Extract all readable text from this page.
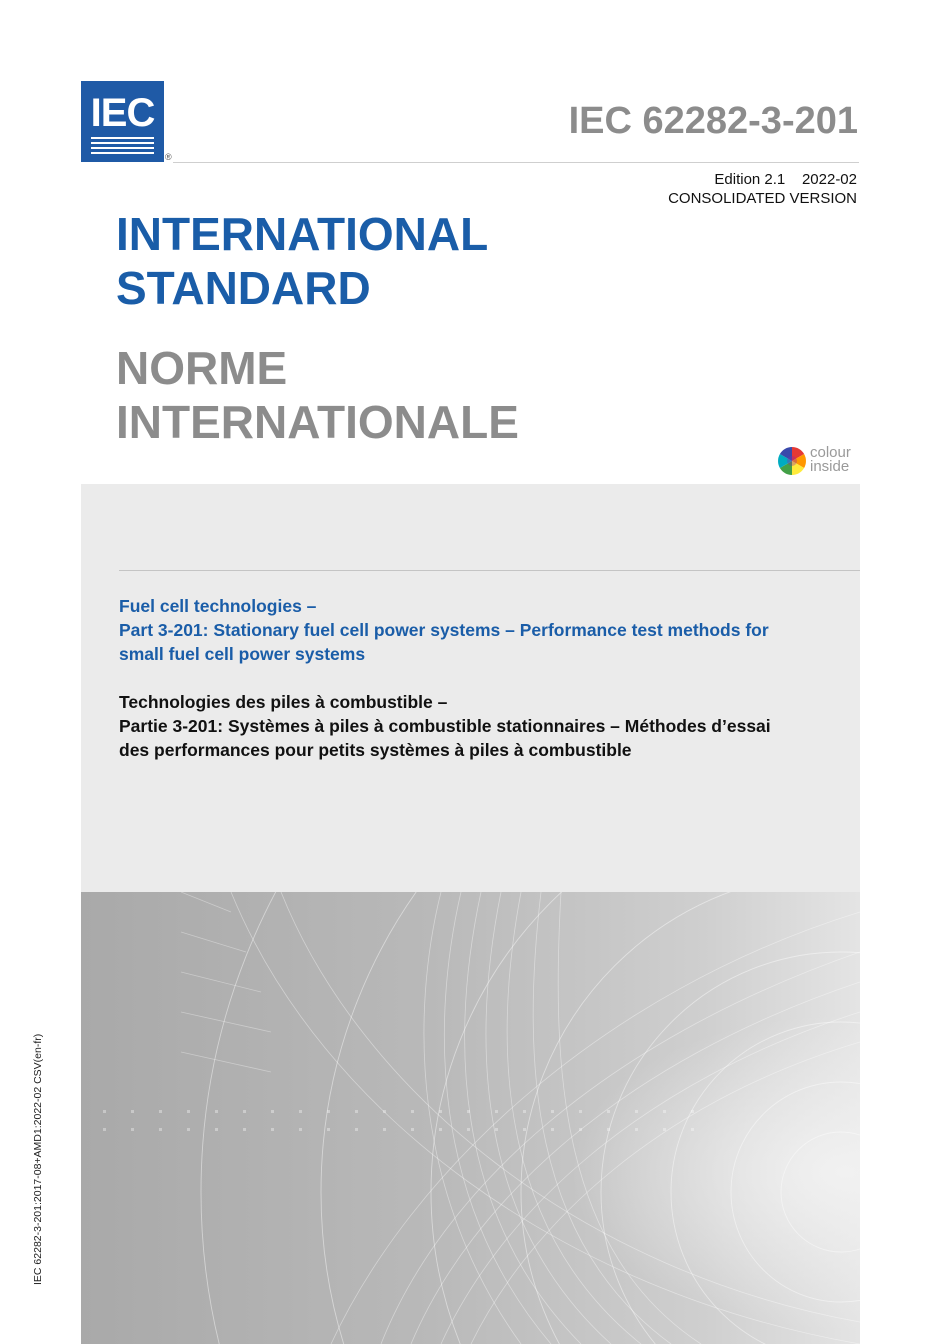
IEC
®
IEC 62282-3-201
Edition 2.1    2022-02
CONSOLIDATED VERSION
INTERNATIONAL
STANDARD
NORME
INTERNATIONALE
colour
inside
Fuel cell technologies –
Part 3-201: Stationary fuel cell power systems – Performance test methods for
small fuel cell power systems
Technologies des piles à combustible –
Partie 3-201: Systèmes à piles à combustible stationnaires – Méthodes d’essai
des performances pour petits systèmes à piles à combustible
IEC 62282-3-201:2017-08+AMD1:2022-02 CSV(en-fr)
